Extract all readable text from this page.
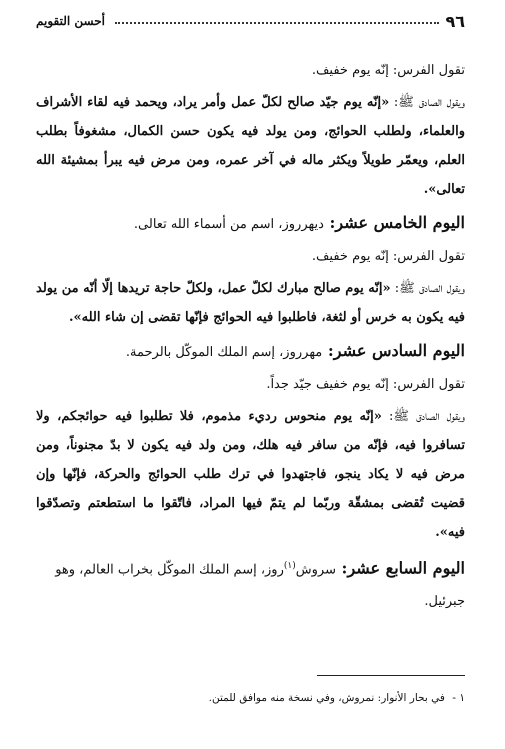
٩٦
أحسن التقويم

تقول الفرس: إنّه يوم خفيف.

ويقول الصادق ﷺ: «إنّه يوم جيّد صالح لكلّ عمل وأمر يراد، ويحمد فيه لقاء الأشراف والعلماء، ولطلب الحوائج، ومن يولد فيه يكون حسن الكمال، مشغوفاً بطلب العلم، ويعمّر طويلاً ويكثر ماله في آخر عمره، ومن مرض فيه يبرأ بمشيئة الله تعالى».

اليوم الخامس عشر: ديهرروز، اسم من أسماء الله تعالى.

تقول الفرس: إنّه يوم خفيف.

ويقول الصادق ﷺ: «إنّه يوم صالح مبارك لكلّ عمل، ولكلّ حاجة تريدها إلّا أنّه من يولد فيه يكون به خرس أو لثغة، فاطلبوا فيه الحوائج فإنّها تقضى إن شاء الله».

اليوم السادس عشر: مهرروز، إسم الملك الموكّل بالرحمة.

تقول الفرس: إنّه يوم خفيف جيّد جداً.

ويقول الصادق ﷺ: «إنّه يوم منحوس رديء مذموم، فلا تطلبوا فيه حوائجكم، ولا تسافروا فيه، فإنّه من سافر فيه هلك، ومن ولد فيه يكون لا بدّ مجنوناً، ومن مرض فيه لا يكاد ينجو، فاجتهدوا في ترك طلب الحوائج والحركة، فإنّها وإن قضيت تُقضى بمشقّة وربّما لم يتمّ فيها المراد، فاتّقوا ما استطعتم وتصدّقوا فيه».

اليوم السابع عشر: سروش$^{(١)}$روز، إسم الملك الموكّل بخراب العالم، وهو جبرئيل.
١ - في بحار الأنوار: نمروش، وفي نسخة منه موافق للمتن.
